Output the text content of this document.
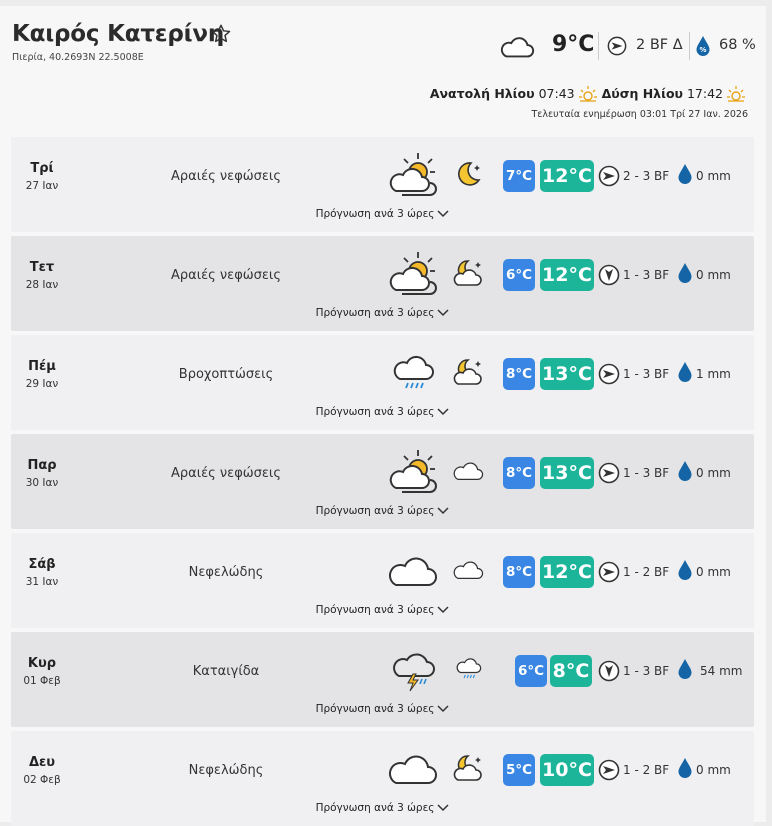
Καιρός Κατερίνη
Πιερία, 40.2693N 22.5008E
9°C	2 BF Δ % 68 %
Ανατολή Ηλίου
07:43 Δύση Ηλίου
17:42
Τελευταία ενημέρωση 03:01 Τρί 27 Ιαν. 2026
Τρί
27 Ιαν
Αραιές νεφώσεις	7°C 12°C	2 - 3 BF 0 mm
Πρόγνωση ανά 3 ώρες
Τετ
28 Ιαν
Αραιές νεφώσεις	6°C 12°C	1 - 3 BF 0 mm
Πρόγνωση ανά 3 ώρες
Πέμ
29 Ιαν
Βροχοπτώσεις	8°C 13°C	1 - 3 BF 1 mm
Πρόγνωση ανά 3 ώρες
Παρ
30 Ιαν
Αραιές νεφώσεις	8°C 13°C	1 - 3 BF 0 mm
Πρόγνωση ανά 3 ώρες
Σάβ
31 Ιαν
Νεφελώδης	8°C 12°C	1 - 2 BF 0 mm
Πρόγνωση ανά 3 ώρες
Κυρ
01 Φεβ
Καταιγίδα	6°C 8°C	1 - 3 BF	54 mm
Πρόγνωση ανά 3 ώρες
Δευ
02 Φεβ
Νεφελώδης	5°C 10°C	1 - 2 BF 0 mm
Πρόγνωση ανά 3 ώρες
